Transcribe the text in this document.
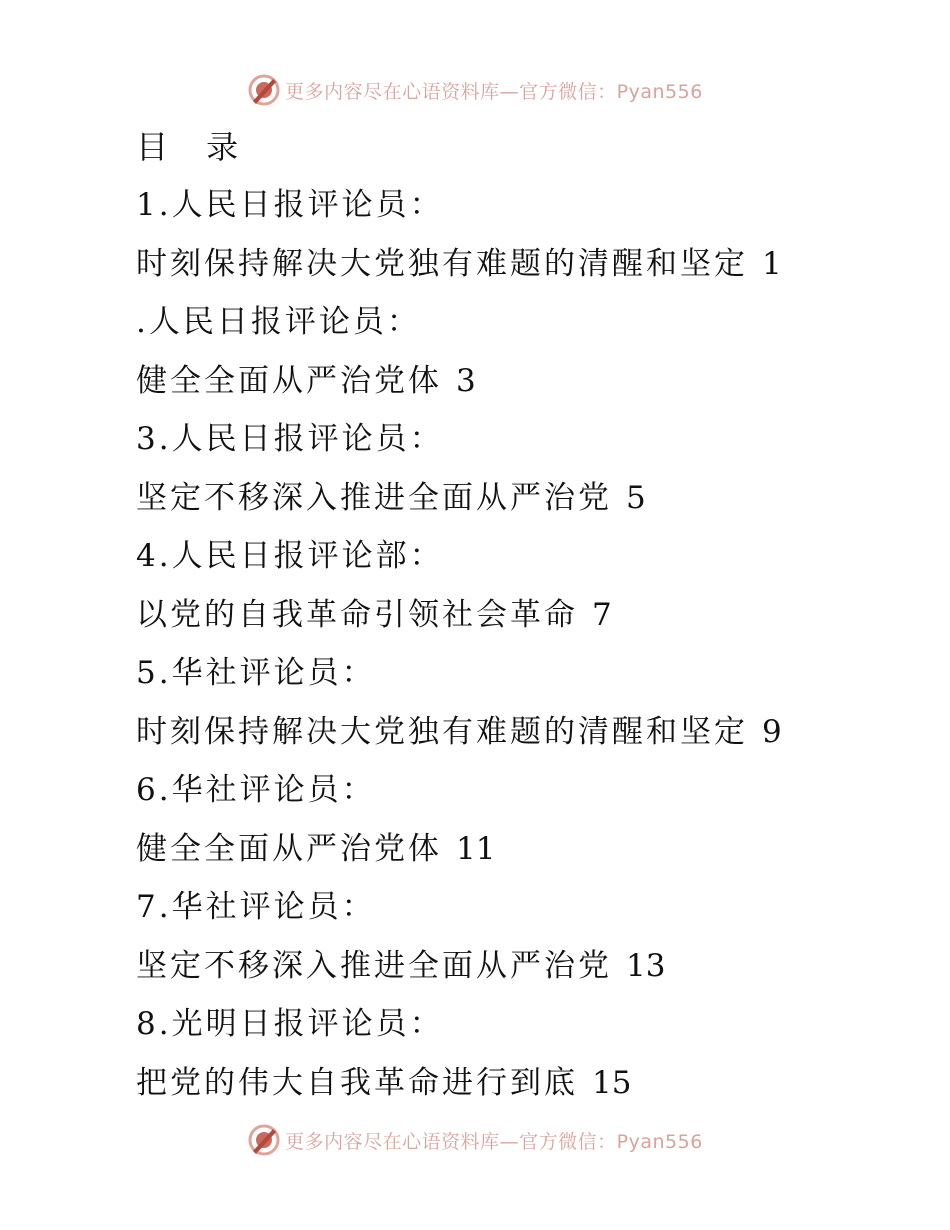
更多内容尽在心语资料库—官方微信：Pyan556
目 录
1.人民日报评论员：
时刻保持解决大党独有难题的清醒和坚定 1
.人民日报评论员：
健全全面从严治党体 3
3.人民日报评论员：
坚定不移深入推进全面从严治党 5
4.人民日报评论部：
以党的自我革命引领社会革命 7
5.华社评论员：
时刻保持解决大党独有难题的清醒和坚定 9
6.华社评论员：
健全全面从严治党体 11
7.华社评论员：
坚定不移深入推进全面从严治党 13
8.光明日报评论员：
把党的伟大自我革命进行到底 15
更多内容尽在心语资料库—官方微信：Pyan556
